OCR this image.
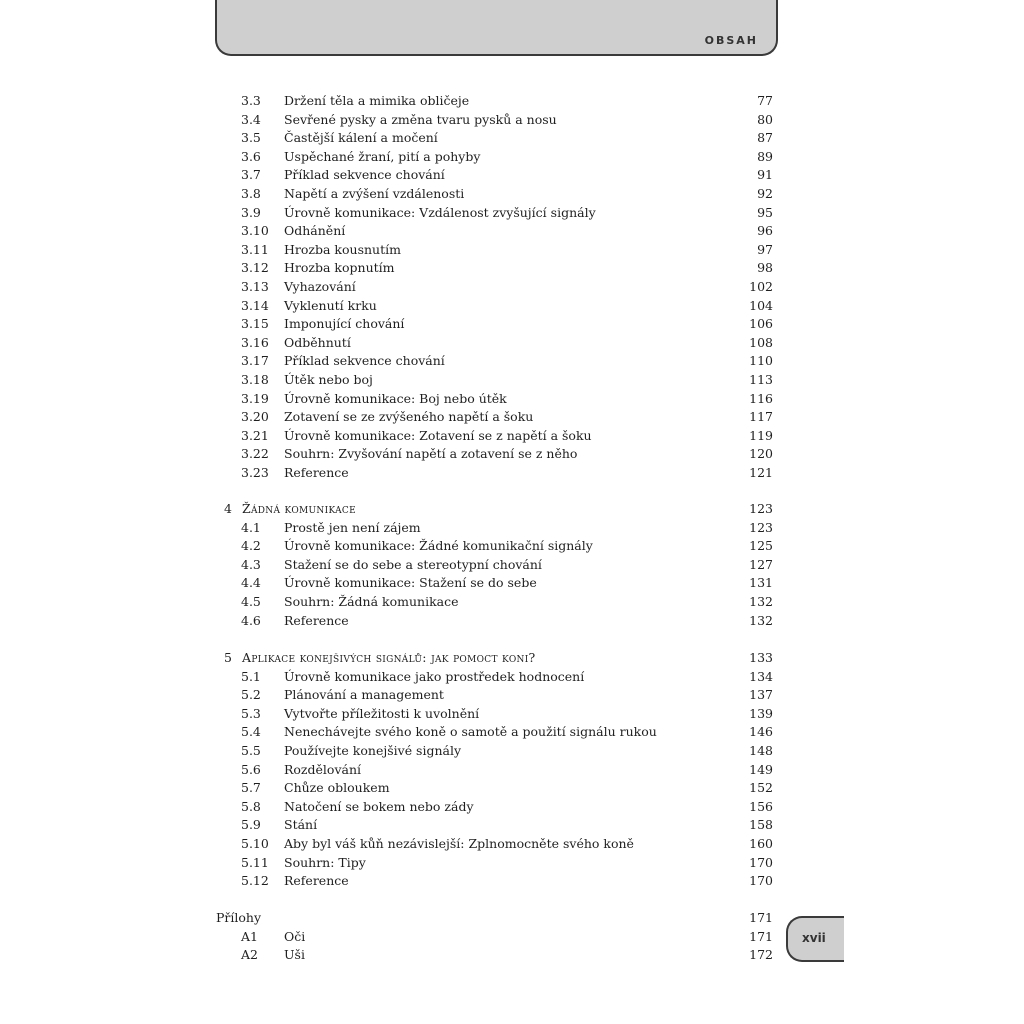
OBSAH
3.3 Držení těla a mimika obličeje	77
3.4 Sevřené pysky a změna tvaru pysků a nosu	80
3.5 Častější kálení a močení	87
3.6 Uspěchané žraní, pití a pohyby	89
3.7 Příklad sekvence chování	91
3.8 Napětí a zvýšení vzdálenosti	92
3.9 Úrovně komunikace: Vzdálenost zvyšující signály	95
3.10 Odhánění	96
3.11 Hrozba kousnutím	97
3.12 Hrozba kopnutím	98
3.13 Vyhazování	102
3.14 Vyklenutí krku	104
3.15 Imponující chování	106
3.16 Odběhnutí	108
3.17 Příklad sekvence chování	110
3.18 Útěk nebo boj	113
3.19 Úrovně komunikace: Boj nebo útěk	116
3.20 Zotavení se ze zvýšeného napětí a šoku	117
3.21 Úrovně komunikace: Zotavení se z napětí a šoku	119
3.22 Souhrn: Zvyšování napětí a zotavení se z něho	120
3.23 Reference	121
4 Žádná komunikace	123
4.1 Prostě jen není zájem	123
4.2 Úrovně komunikace: Žádné komunikační signály	125
4.3 Stažení se do sebe a stereotypní chování	127
4.4 Úrovně komunikace: Stažení se do sebe	131
4.5 Souhrn: Žádná komunikace	132
4.6 Reference	132
5 Aplikace konejšivých signálů: jak pomoct koni?	133
5.1 Úrovně komunikace jako prostředek hodnocení	134
5.2 Plánování a management	137
5.3 Vytvořte příležitosti k uvolnění	139
5.4 Nenechávejte svého koně o samotě a použití signálu rukou	146
5.5 Používejte konejšivé signály	148
5.6 Rozdělování	149
5.7 Chůze obloukem	152
5.8 Natočení se bokem nebo zády	156
5.9 Stání	158
5.10 Aby byl váš kůň nezávislejší: Zplnomocněte svého koně	160
5.11 Souhrn: Tipy	170
5.12 Reference	170
Přílohy	171
A1 Oči	171
A2 Uši	172
xvii
